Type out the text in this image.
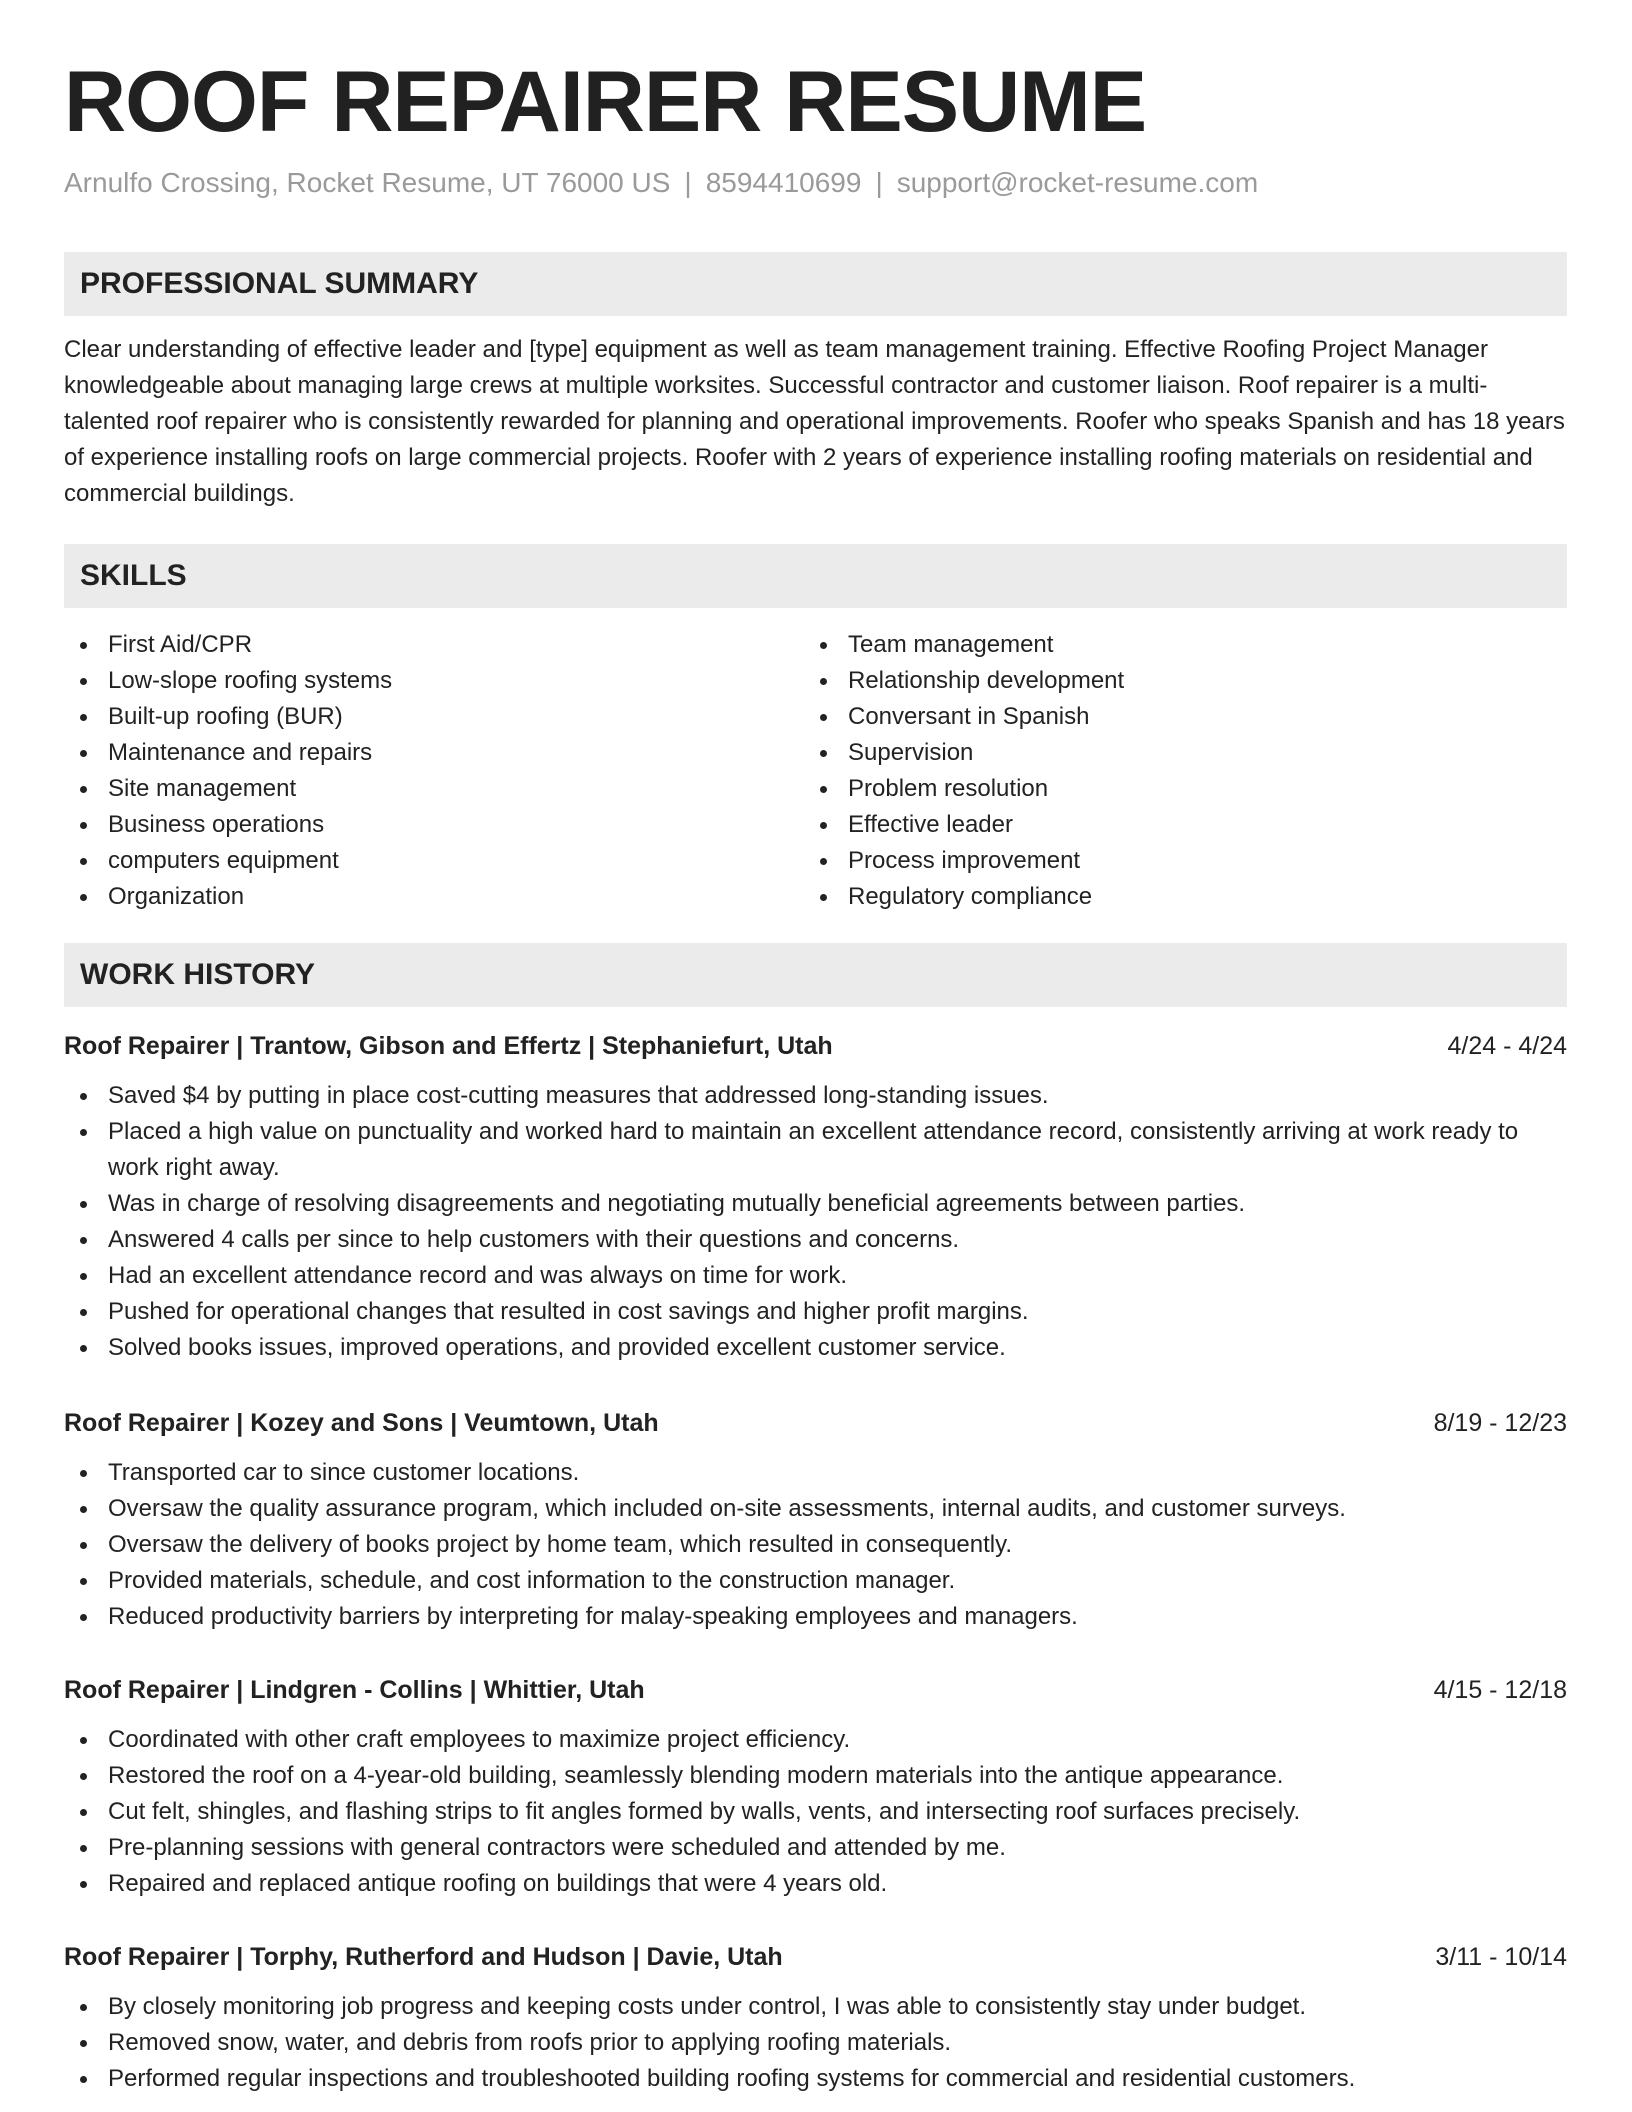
ROOF REPAIRER RESUME
Arnulfo Crossing, Rocket Resume, UT 76000 US | 8594410699 | support@rocket-resume.com
PROFESSIONAL SUMMARY

Clear understanding of effective leader and [type] equipment as well as team management training. Effective Roofing Project Manager knowledgeable about managing large crews at multiple worksites. Successful contractor and customer liaison. Roof repairer is a multi-talented roof repairer who is consistently rewarded for planning and operational improvements. Roofer who speaks Spanish and has 18 years of experience installing roofs on large commercial projects. Roofer with 2 years of experience installing roofing materials on residential and commercial buildings.

SKILLS
First Aid/CPR
Low-slope roofing systems
Built-up roofing (BUR)
Maintenance and repairs
Site management
Business operations
computers equipment
Organization
Team management
Relationship development
Conversant in Spanish
Supervision
Problem resolution
Effective leader
Process improvement
Regulatory compliance
WORK HISTORY
Roof Repairer | Trantow, Gibson and Effertz | Stephaniefurt, Utah	4/24 - 4/24
Saved $4 by putting in place cost-cutting measures that addressed long-standing issues.
Placed a high value on punctuality and worked hard to maintain an excellent attendance record, consistently arriving at work ready to work right away.
Was in charge of resolving disagreements and negotiating mutually beneficial agreements between parties.
Answered 4 calls per since to help customers with their questions and concerns.
Had an excellent attendance record and was always on time for work.
Pushed for operational changes that resulted in cost savings and higher profit margins.
Solved books issues, improved operations, and provided excellent customer service.
Roof Repairer | Kozey and Sons | Veumtown, Utah	8/19 - 12/23
Transported car to since customer locations.
Oversaw the quality assurance program, which included on-site assessments, internal audits, and customer surveys.
Oversaw the delivery of books project by home team, which resulted in consequently.
Provided materials, schedule, and cost information to the construction manager.
Reduced productivity barriers by interpreting for malay-speaking employees and managers.
Roof Repairer | Lindgren - Collins | Whittier, Utah	4/15 - 12/18
Coordinated with other craft employees to maximize project efficiency.
Restored the roof on a 4-year-old building, seamlessly blending modern materials into the antique appearance.
Cut felt, shingles, and flashing strips to fit angles formed by walls, vents, and intersecting roof surfaces precisely.
Pre-planning sessions with general contractors were scheduled and attended by me.
Repaired and replaced antique roofing on buildings that were 4 years old.
Roof Repairer | Torphy, Rutherford and Hudson | Davie, Utah	3/11 - 10/14
By closely monitoring job progress and keeping costs under control, I was able to consistently stay under budget.
Removed snow, water, and debris from roofs prior to applying roofing materials.
Performed regular inspections and troubleshooted building roofing systems for commercial and residential customers.
